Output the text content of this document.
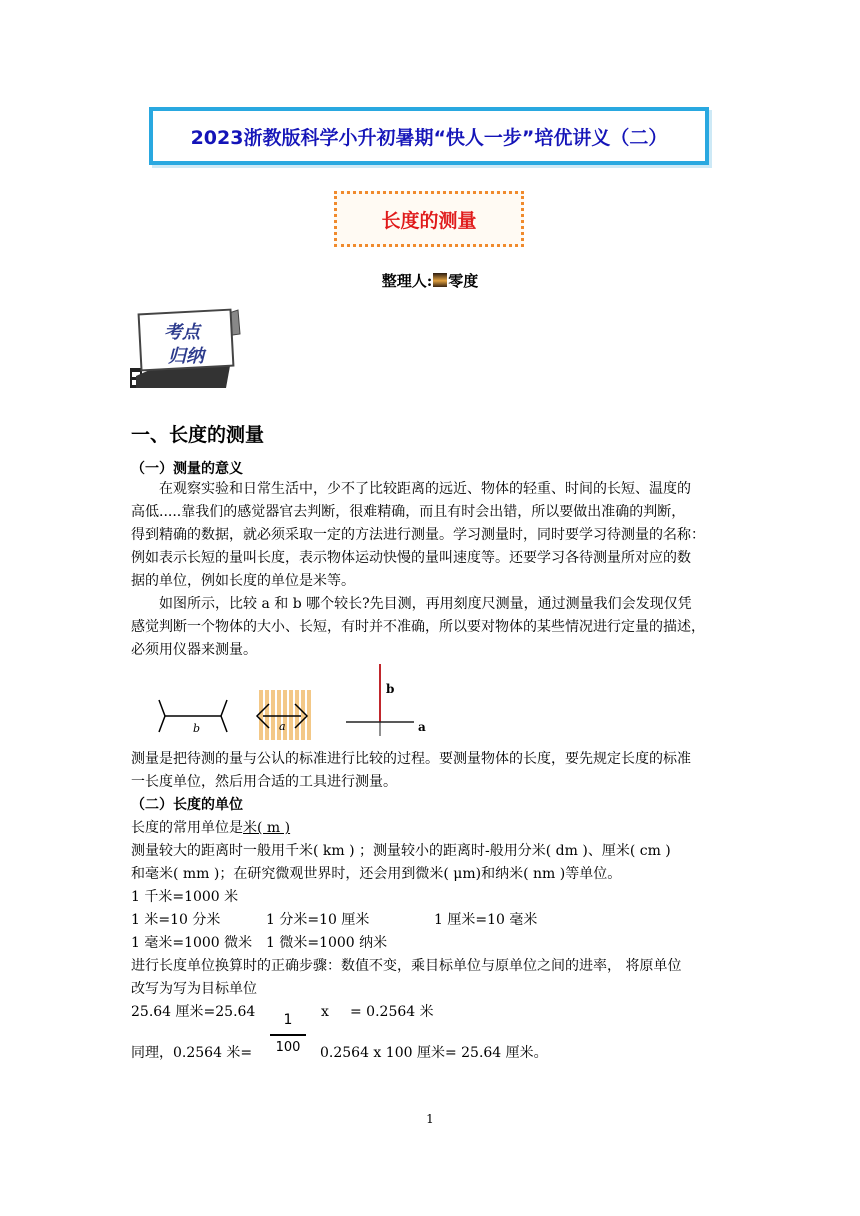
2023浙教版科学小升初暑期“快人一步”培优讲义（二）
长度的测量
整理人: 零度
考点
归纳
一、长度的测量
（一）测量的意义
在观察实验和日常生活中，少不了比较距离的远近、物体的轻重、时间的长短、温度的
高低.....靠我们的感觉器官去判断，很难精确，而且有时会出错，所以要做出准确的判断，
得到精确的数据，就必须采取一定的方法进行测量。学习测量时，同时要学习待测量的名称：
例如表示长短的量叫长度，表示物体运动快慢的量叫速度等。还要学习各待测量所对应的数
据的单位，例如长度的单位是米等。
如图所示，比较 a 和 b 哪个较长?先目测，再用刻度尺测量，通过测量我们会发现仅凭
感觉判断一个物体的大小、长短，有时并不准确，所以要对物体的某些情况进行定量的描述，
必须用仪器来测量。
b	a
b
a
测量是把待测的量与公认的标准进行比较的过程。要测量物体的长度，要先规定长度的标准
一长度单位，然后用合适的工具进行测量。
（二）长度的单位
长度的常用单位是米( m )
测量较大的距离时一般用千米( km ) ；测量较小的距离时-般用分米( dm )、厘米( cm )
和毫米( mm )；在研究微观世界时，还会用到微米( μm)和纳米( nm )等单位。
1 千米=1000 米
1 米=10 分米	1 分米=10 厘米	1 厘米=10 毫米
1 毫米=1000 微米 1 微米=1000 纳米
进行长度单位换算时的正确步骤：数值不变，乘目标单位与原单位之间的进率， 将原单位
改写为写为目标单位
25.64 厘米=25.64	x = 0.2564 米
1
100
同理，0.2564 米=	0.2564 x 100 厘米= 25.64 厘米。
1
